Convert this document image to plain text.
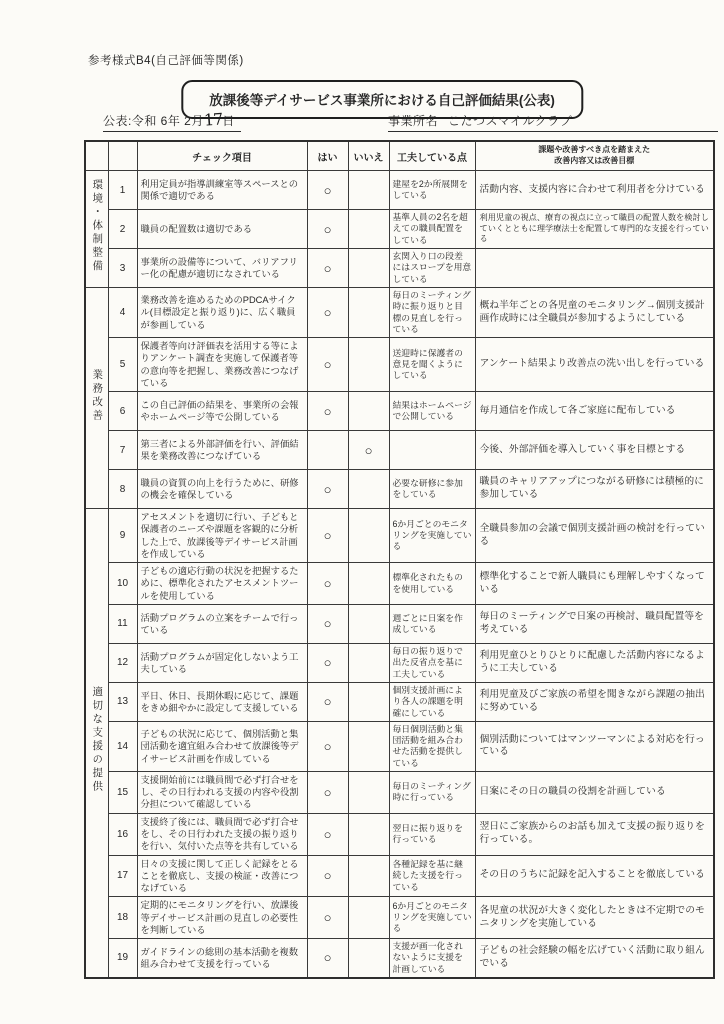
参考様式B4(自己評価等関係)
放課後等デイサービス事業所における自己評価結果(公表)
公表:令和 6年 2月17日	事業所名 こたつスマイルクラブ
		チェック項目	はい	いいえ	工夫している点	課題や改善すべき点を踏まえた
改善内容又は改善目標

環境・体制整備	1	利用定員が指導訓練室等スペースとの関係で適切である	○		建屋を2か所展開をしている	活動内容、支援内容に合わせて利用者を分けている
	2	職員の配置数は適切である	○		基準人員の2名を超えての職員配置をしている	利用児童の視点、療育の視点に立って職員の配置人数を検討していくとともに理学療法士を配置して専門的な支援を行っている
	3	事業所の設備等について、バリアフリー化の配慮が適切になされている	○		玄関入り口の段差にはスロープを用意している	
業務改善	4	業務改善を進めるためのPDCAサイクル(目標設定と振り返り)に、広く職員が参画している	○		毎日のミーティング時に振り返りと目標の見直しを行っている	概ね半年ごとの各児童のモニタリング→個別支援計画作成時には全職員が参加するようにしている
	5	保護者等向け評価表を活用する等によりアンケート調査を実施して保護者等の意向等を把握し、業務改善につなげている	○		送迎時に保護者の意見を聞くようにしている	アンケート結果より改善点の洗い出しを行っている
	6	この自己評価の結果を、事業所の会報やホームページ等で公開している	○		結果はホームページで公開している	毎月通信を作成して各ご家庭に配布している
	7	第三者による外部評価を行い、評価結果を業務改善につなげている		○		今後、外部評価を導入していく事を目標とする
	8	職員の資質の向上を行うために、研修の機会を確保している	○		必要な研修に参加をしている	職員のキャリアアップにつながる研修には積極的に参加している
適切な支援の提供	9	アセスメントを適切に行い、子どもと保護者のニーズや課題を客観的に分析した上で、放課後等デイサービス計画を作成している	○		6か月ごとのモニタリングを実施している	全職員参加の会議で個別支援計画の検討を行っている
	10	子どもの適応行動の状況を把握するために、標準化されたアセスメントツールを使用している	○		標準化されたものを使用している	標準化することで新人職員にも理解しやすくなっている
	11	活動プログラムの立案をチームで行っている	○		週ごとに日案を作成している	毎日のミーティングで日案の再検討、職員配置等を考えている
	12	活動プログラムが固定化しないよう工夫している	○		毎日の振り返りで出た反省点を基に工夫している	利用児童ひとりひとりに配慮した活動内容になるように工夫している
	13	平日、休日、長期休暇に応じて、課題をきめ細やかに設定して支援している	○		個別支援計画により各人の課題を明確にしている	利用児童及びご家族の希望を聞きながら課題の抽出に努めている
	14	子どもの状況に応じて、個別活動と集団活動を適宜組み合わせて放課後等デイサービス計画を作成している	○		毎日個別活動と集団活動を組み合わせた活動を提供している	個別活動についてはマンツーマンによる対応を行っている
	15	支援開始前には職員間で必ず打合せをし、その日行われる支援の内容や役割分担について確認している	○		毎日のミーティング時に行っている	日案にその日の職員の役割を計画している
	16	支援終了後には、職員間で必ず打合せをし、その日行われた支援の振り返りを行い、気付いた点等を共有している	○		翌日に振り返りを行っている	翌日にご家族からのお話も加えて支援の振り返りを行っている。
	17	日々の支援に関して正しく記録をとることを徹底し、支援の検証・改善につなげている	○		各種記録を基に継続した支援を行っている	その日のうちに記録を記入することを徹底している
	18	定期的にモニタリングを行い、放課後等デイサービス計画の見直しの必要性を判断している	○		6か月ごとのモニタリングを実施している	各児童の状況が大きく変化したときは不定期でのモニタリングを実施している
	19	ガイドラインの総則の基本活動を複数組み合わせて支援を行っている	○		支援が画一化されないように支援を計画している	子どもの社会経験の幅を広げていく活動に取り組んでいる
